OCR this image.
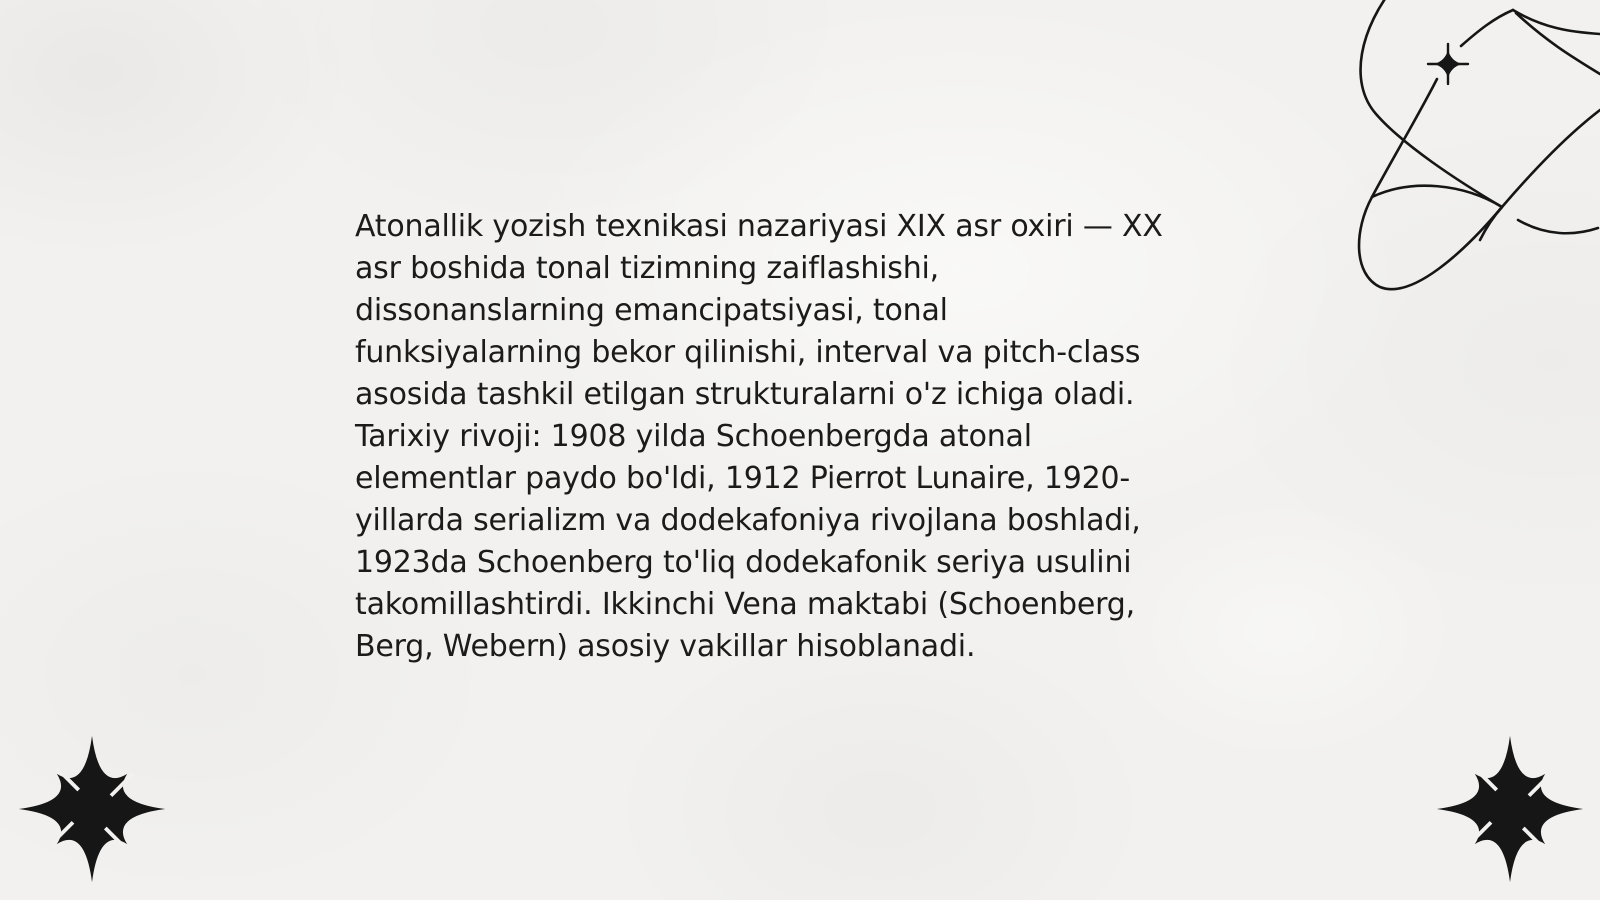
Atonallik yozish texnikasi nazariyasi XIX asr oxiri — XX
asr boshida tonal tizimning zaiflashishi,
dissonanslarning emancipatsiyasi, tonal
funksiyalarning bekor qilinishi, interval va pitch-class
asosida tashkil etilgan strukturalarni o'z ichiga oladi.
Tarixiy rivoji: 1908 yilda Schoenbergda atonal
elementlar paydo bo'ldi, 1912 Pierrot Lunaire, 1920-
yillarda serializm va dodekafoniya rivojlana boshladi,
1923da Schoenberg to'liq dodekafonik seriya usulini
takomillashtirdi. Ikkinchi Vena maktabi (Schoenberg,
Berg, Webern) asosiy vakillar hisoblanadi.
